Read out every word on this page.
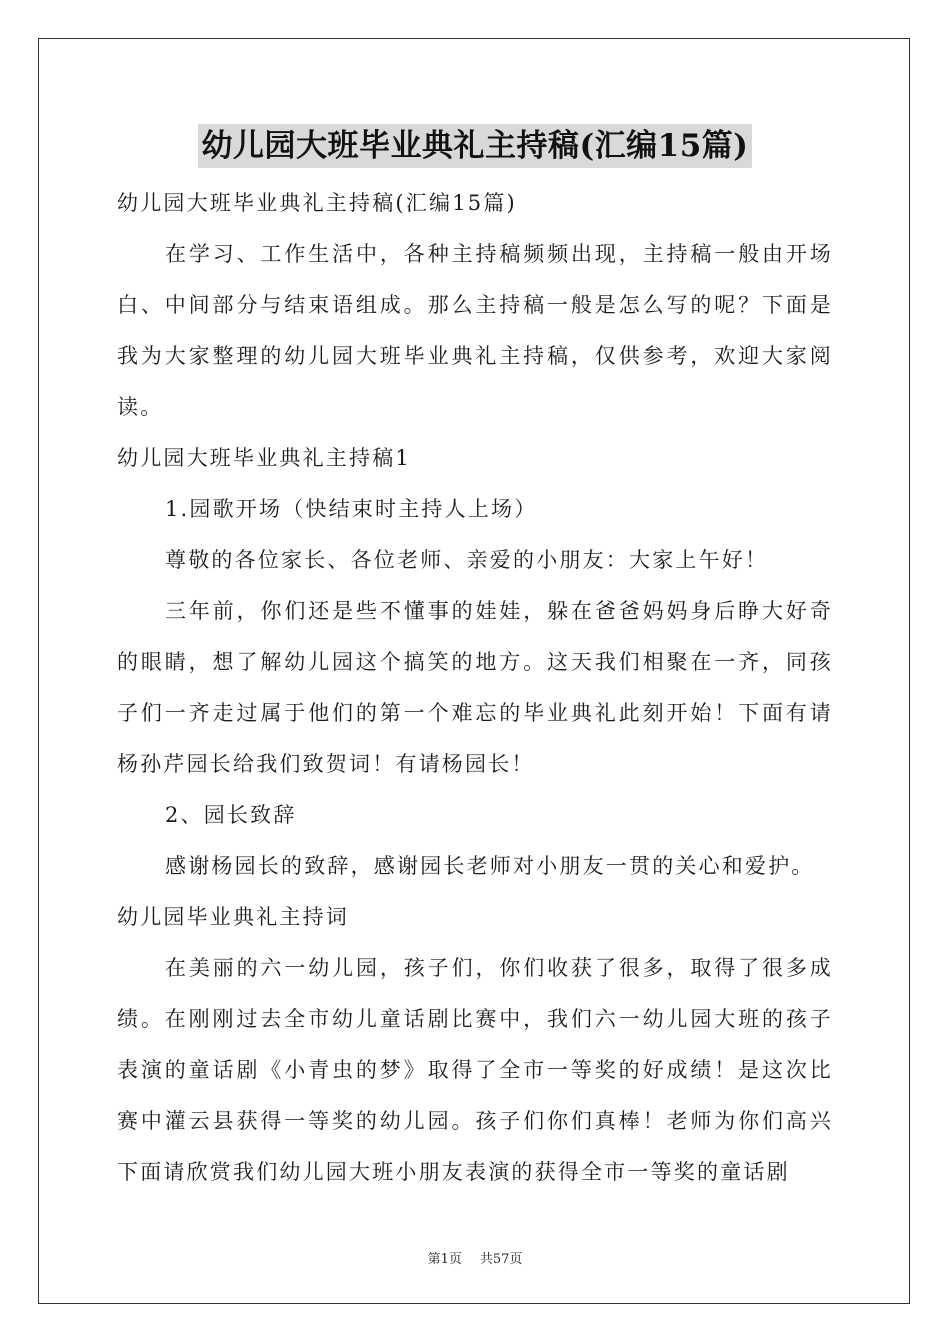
幼儿园大班毕业典礼主持稿(汇编15篇)

幼儿园大班毕业典礼主持稿(汇编15篇)

在学习、工作生活中，各种主持稿频频出现，主持稿一般由开场白、中间部分与结束语组成。那么主持稿一般是怎么写的呢？下面是我为大家整理的幼儿园大班毕业典礼主持稿，仅供参考，欢迎大家阅读。

幼儿园大班毕业典礼主持稿1

1.园歌开场（快结束时主持人上场）

尊敬的各位家长、各位老师、亲爱的小朋友：大家上午好！

三年前，你们还是些不懂事的娃娃，躲在爸爸妈妈身后睁大好奇的眼睛，想了解幼儿园这个搞笑的地方。这天我们相聚在一齐，同孩子们一齐走过属于他们的第一个难忘的毕业典礼此刻开始！下面有请杨孙芹园长给我们致贺词！有请杨园长！

2、园长致辞

感谢杨园长的致辞，感谢园长老师对小朋友一贯的关心和爱护。

幼儿园毕业典礼主持词

在美丽的六一幼儿园，孩子们，你们收获了很多，取得了很多成绩。在刚刚过去全市幼儿童话剧比赛中，我们六一幼儿园大班的孩子表演的童话剧《小青虫的梦》取得了全市一等奖的好成绩！是这次比赛中灌云县获得一等奖的幼儿园。孩子们你们真棒！老师为你们高兴下面请欣赏我们幼儿园大班小朋友表演的获得全市一等奖的童话剧

第1页 共57页
